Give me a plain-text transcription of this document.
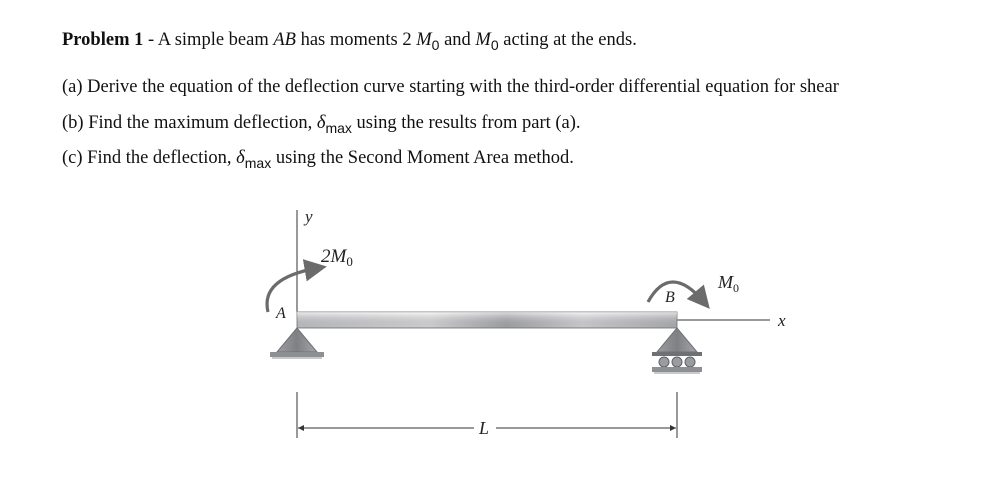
Problem 1 - A simple beam AB has moments 2 $M_0$ and $M_0$ acting at the ends.
(a) Derive the equation of the deflection curve starting with the third-order differential equation for shear
(b) Find the maximum deflection, $\delta_{max}$ using the results from part (a).
(c) Find the deflection, $\delta_{max}$ using the Second Moment Area method.
y
x
A
$2M_0$
B
$M_0$
L
